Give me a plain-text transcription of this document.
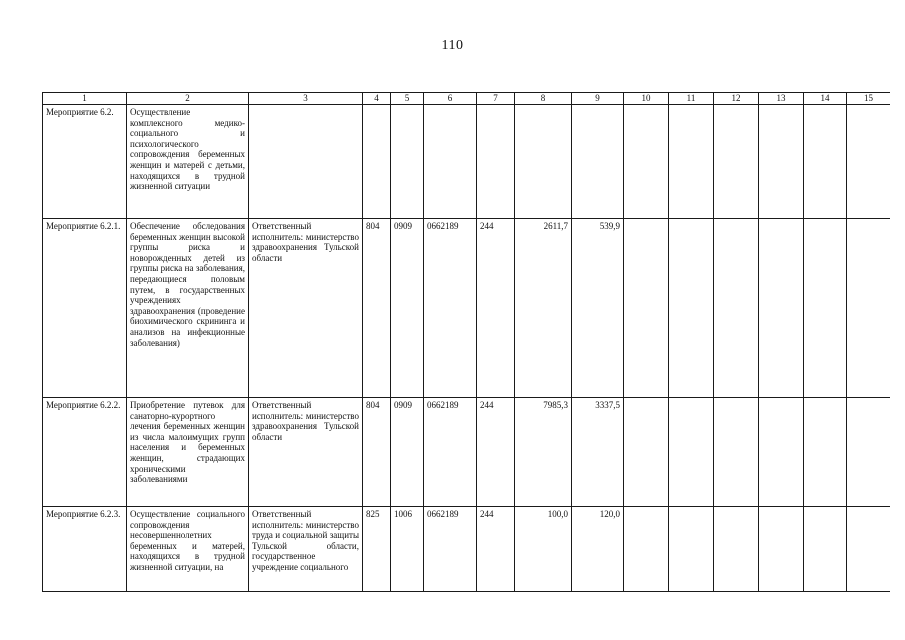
110
1	2	3	4	5	6	7	8	9	10	11	12	13	14	15
Мероприятие 6.2.	Осуществление комплексного медико-социального и психологического сопровождения беременных женщин и матерей с детьми, находящихся в трудной жизненной ситуации													
Мероприятие 6.2.1.	Обеспечение обследования беременных женщин высокой группы риска и новорожденных детей из группы риска на заболевания, передающиеся половым путем, в государственных учреждениях здравоохранения (проведение биохимического скрининга и анализов на инфекционные заболевания)	Ответственный исполнитель: министерство здравоохранения Тульской области	804	0909	0662189	244	2611,7	539,9						
Мероприятие 6.2.2.	Приобретение путевок для санаторно-курортного лечения беременных женщин из числа малоимущих групп населения и беременных женщин, страдающих хроническими заболеваниями	Ответственный исполнитель: министерство здравоохранения Тульской области	804	0909	0662189	244	7985,3	3337,5						
Мероприятие 6.2.3.	Осуществление социального сопровождения несовершеннолетних беременных и матерей, находящихся в трудной жизненной ситуации, на	Ответственный исполнитель: министерство труда и социальной защиты Тульской области, государственное учреждение социального	825	1006	0662189	244	100,0	120,0						
